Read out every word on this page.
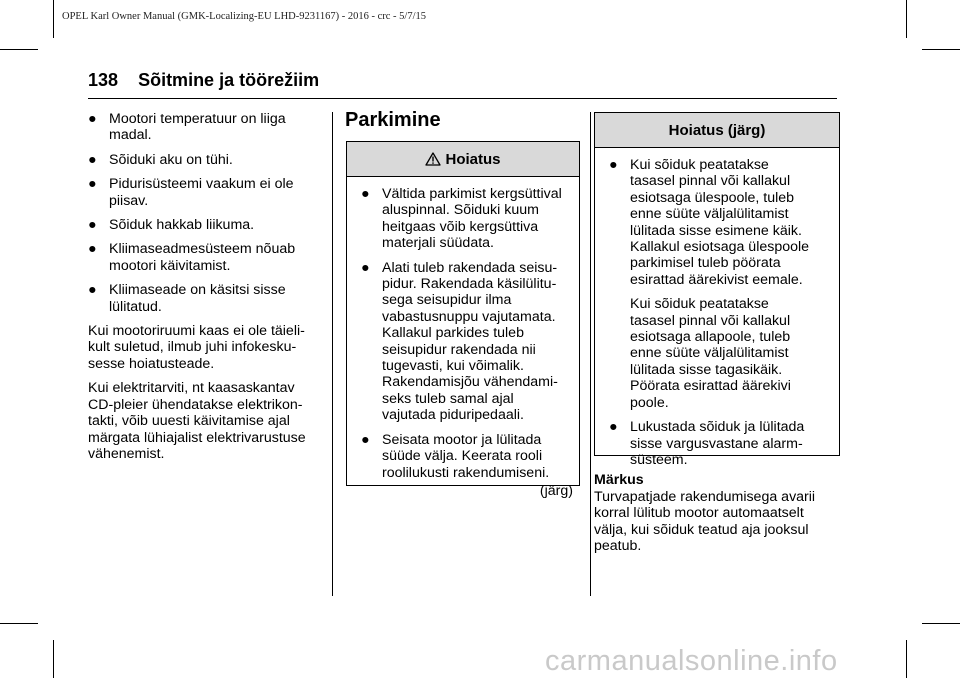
OPEL Karl Owner Manual (GMK-Localizing-EU LHD-9231167) - 2016 - crc - 5/7/15
138 Sõitmine ja töörežiim
● Mootori temperatuur on liiga
madal.
● Sõiduki aku on tühi.
● Pidurisüsteemi vaakum ei ole
piisav.
● Sõiduk hakkab liikuma.
● Kliimaseadmesüsteem nõuab
mootori käivitamist.
● Kliimaseade on käsitsi sisse
lülitatud.
Kui mootoriruumi kaas ei ole täieli-
kult suletud, ilmub juhi infokesku-
sesse hoiatusteade.
Kui elektritarviti, nt kaasaskantav
CD-pleier ühendatakse elektrikon-
takti, võib uuesti käivitamise ajal
märgata lühiajalist elektrivarustuse
vähenemist.
Parkimine
Hoiatus
● Vältida parkimist kergsüttival
aluspinnal. Sõiduki kuum
heitgaas võib kergsüttiva
materjali süüdata.
● Alati tuleb rakendada seisu-
pidur. Rakendada käsilülitu-
sega seisupidur ilma
vabastusnuppu vajutamata.
Kallakul parkides tuleb
seisupidur rakendada nii
tugevasti, kui võimalik.
Rakendamisjõu vähendami-
seks tuleb samal ajal
vajutada piduripedaali.
● Seisata mootor ja lülitada
süüde välja. Keerata rooli
roolilukusti rakendumiseni.
(järg)
Hoiatus (järg)
● Kui sõiduk peatatakse
tasasel pinnal või kallakul
esiotsaga ülespoole, tuleb
enne süüte väljalülitamist
lülitada sisse esimene käik.
Kallakul esiotsaga ülespoole
parkimisel tuleb pöörata
esirattad äärekivist eemale.
Kui sõiduk peatatakse
tasasel pinnal või kallakul
esiotsaga allapoole, tuleb
enne süüte väljalülitamist
lülitada sisse tagasikäik.
Pöörata esirattad äärekivi
poole.
● Lukustada sõiduk ja lülitada
sisse vargusvastane alarm-
süsteem.
Märkus
Turvapatjade rakendumisega avarii
korral lülitub mootor automaatselt
välja, kui sõiduk teatud aja jooksul
peatub.
carmanualsonline.info
